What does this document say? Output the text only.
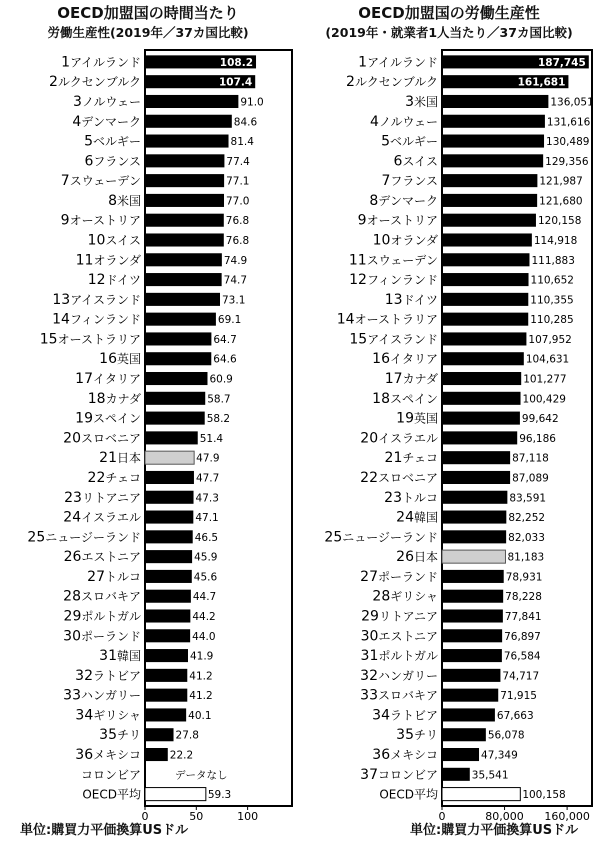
OECD加盟国の時間当たり
労働生産性(2019年／37カ国比較)
OECD加盟国の労働生産性
(2019年・就業者1人当たり／37カ国比較)
1アイルランド	108.2
2ルクセンブルク	107.4
3ノルウェー	91.0
4デンマーク	84.6
5ベルギー	81.4
6フランス	77.4
7スウェーデン	77.1
8米国	77.0
9オーストリア	76.8
10スイス	76.8
11オランダ	74.9
12ドイツ	74.7
13アイスランド	73.1
14フィンランド	69.1
15オーストラリア	64.7
16英国	64.6
17イタリア	60.9
18カナダ	58.7
19スペイン	58.2
20スロベニア	51.4
21日本	47.9
22チェコ	47.7
23リトアニア	47.3
24イスラエル	47.1
25ニュージーランド	46.5
26エストニア	45.9
27トルコ	45.6
28スロバキア	44.7
29ポルトガル	44.2
30ポーランド	44.0
31韓国	41.9
32ラトビア	41.2
33ハンガリー	41.2
34ギリシャ	40.1
35チリ	27.8
36メキシコ	22.2
コロンビア	データなし
OECD平均	59.3
0	50	100
1アイルランド	187,745
2ルクセンブルク	161,681
3米国	136,051
4ノルウェー	131,616
5ベルギー	130,489
6スイス	129,356
7フランス	121,987
8デンマーク	121,680
9オーストリア	120,158
10オランダ	114,918
11スウェーデン	111,883
12フィンランド	110,652
13ドイツ	110,355
14オーストラリア	110,285
15アイスランド	107,952
16イタリア	104,631
17カナダ	101,277
18スペイン	100,429
19英国	99,642
20イスラエル	96,186
21チェコ	87,118
22スロベニア	87,089
23トルコ	83,591
24韓国	82,252
25ニュージーランド	82,033
26日本	81,183
27ポーランド	78,931
28ギリシャ	78,228
29リトアニア	77,841
30エストニア	76,897
31ポルトガル	76,584
32ハンガリー	74,717
33スロバキア	71,915
34ラトビア	67,663
35チリ	56,078
36メキシコ	47,349
37コロンビア	35,541
OECD平均	100,158
0	80,000 160,000
単位:購買力平価換算USドル	単位:購買力平価換算USドル
